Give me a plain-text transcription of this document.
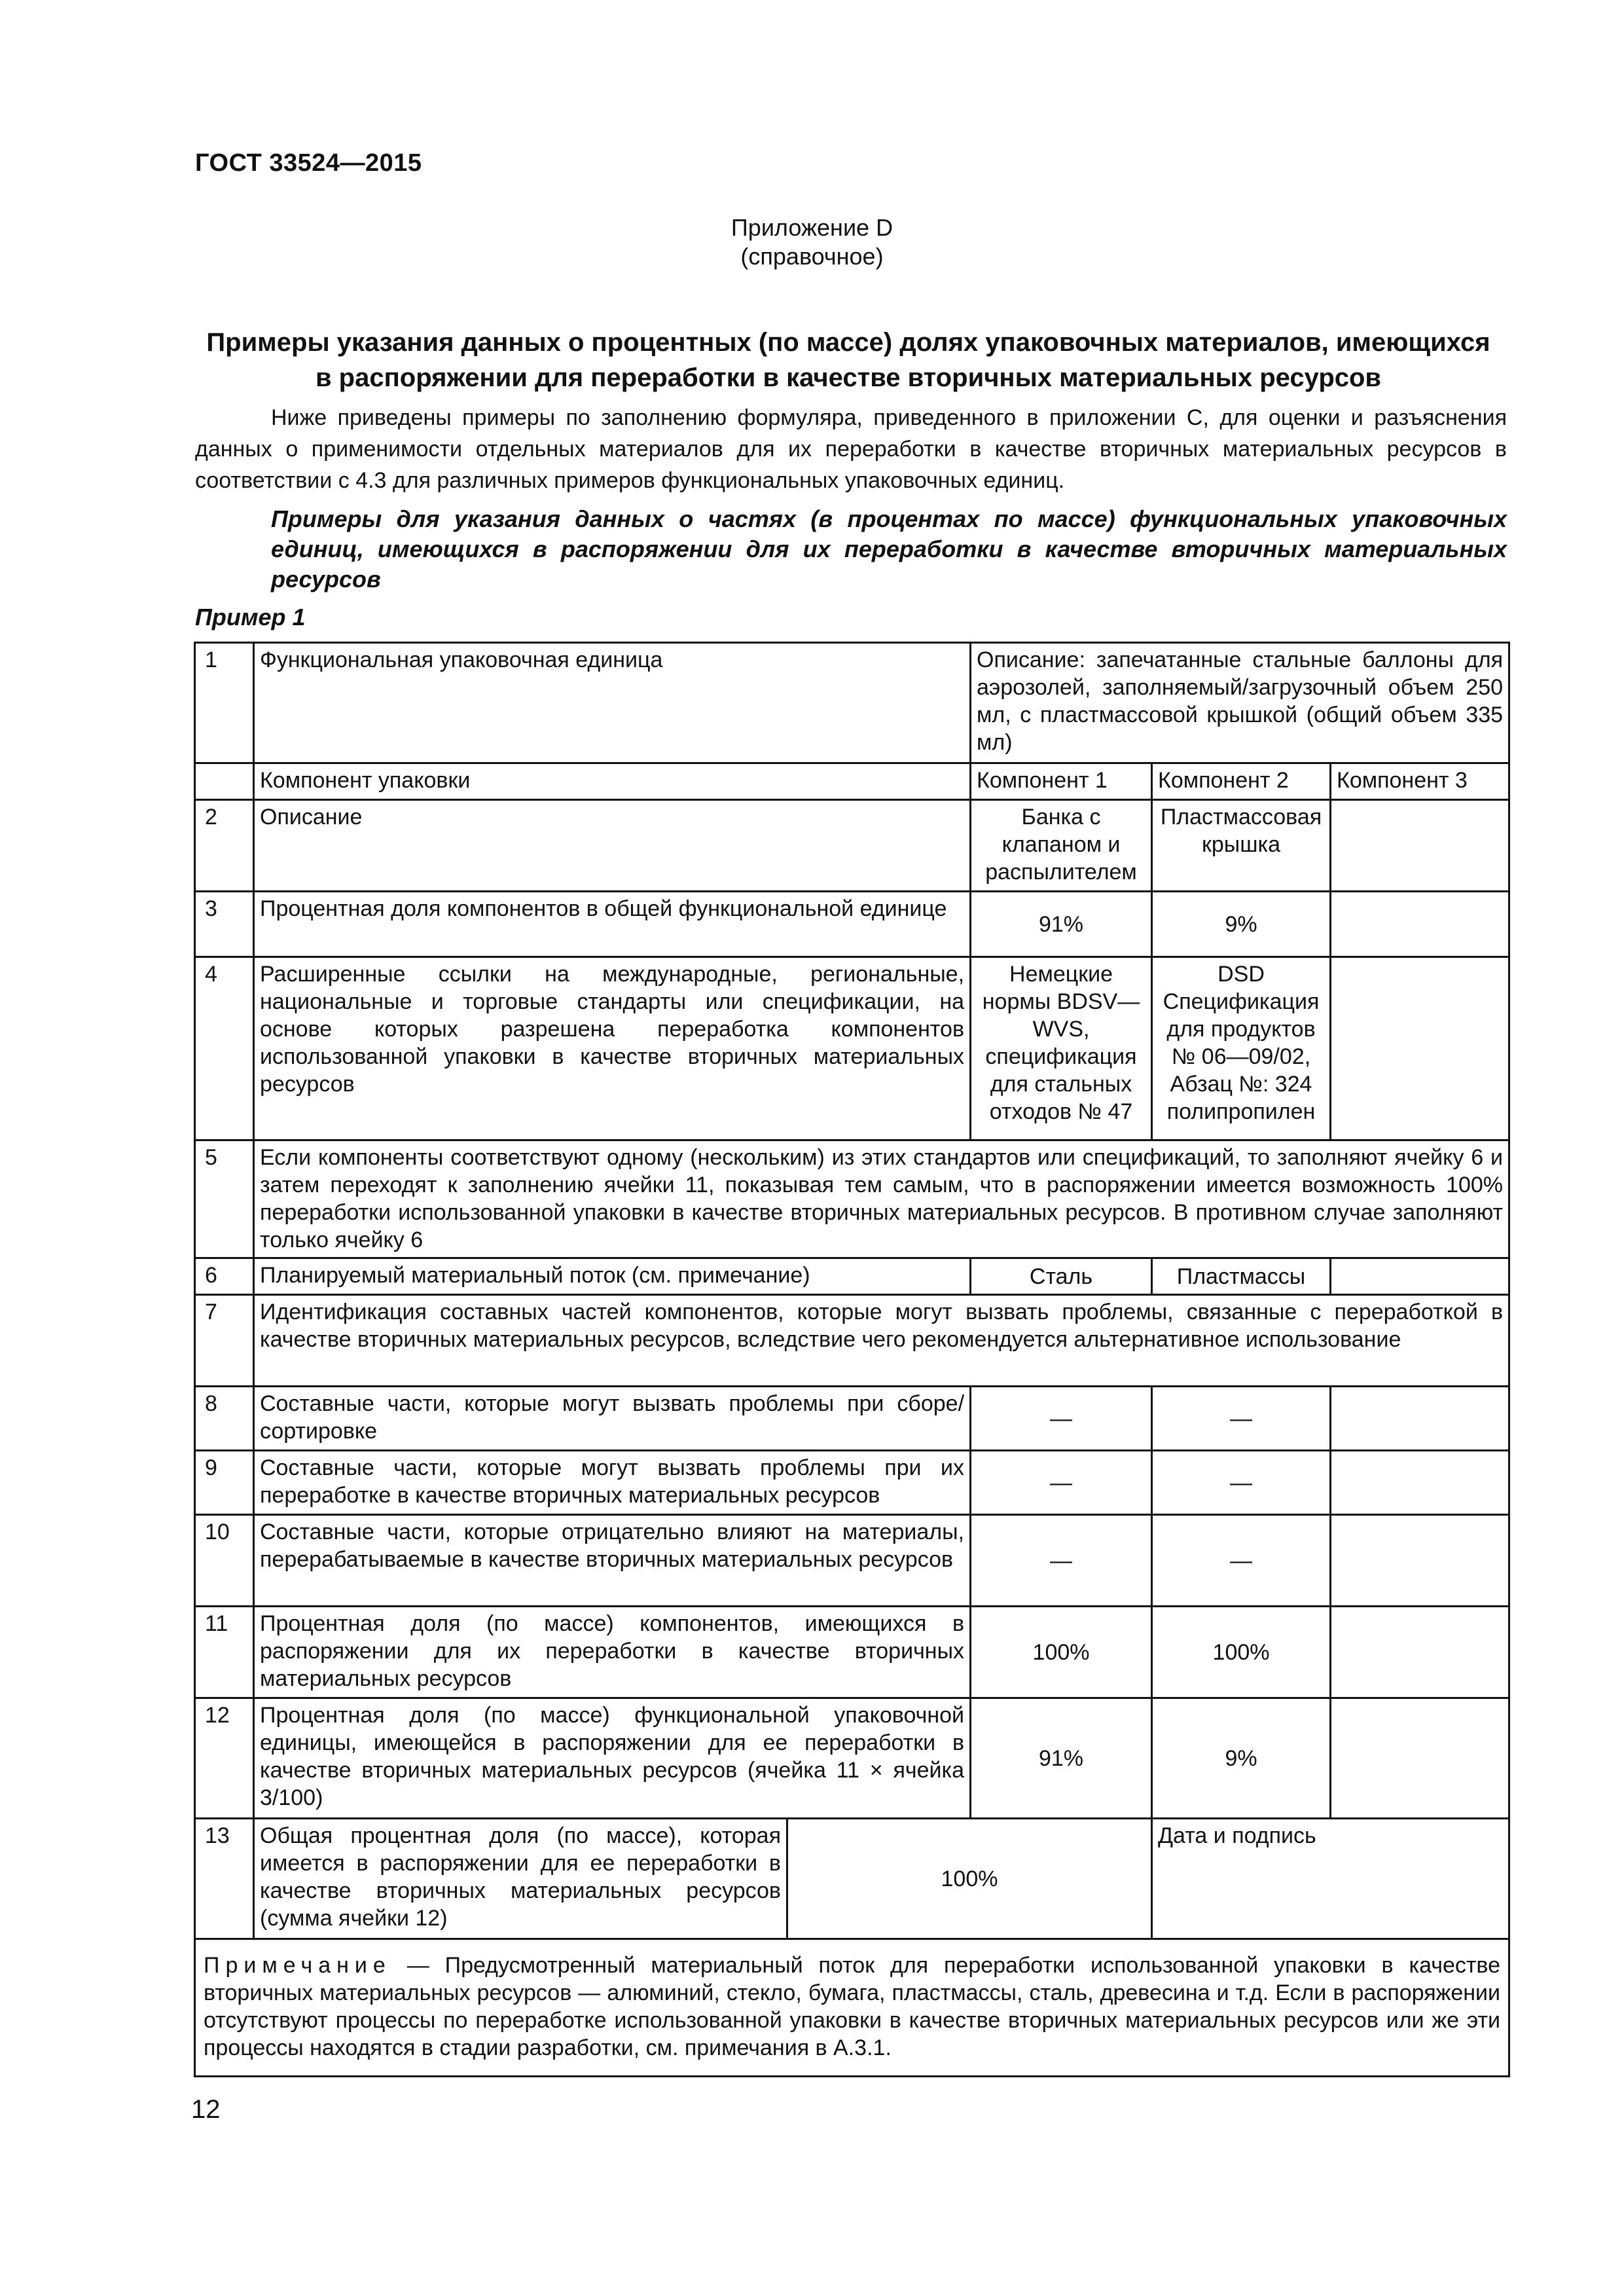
ГОСТ 33524—2015
Приложение D
(справочное)
Примеры указания данных о процентных (по массе) долях упаковочных материалов, имеющихся в распоряжении для переработки в качестве вторичных материальных ресурсов
Ниже приведены примеры по заполнению формуляра, приведенного в приложении С, для оценки и разъяснения данных о применимости отдельных материалов для их переработки в качестве вторичных материальных ресурсов в соответствии с 4.3 для различных примеров функциональных упаковочных единиц.
Примеры для указания данных о частях (в процентах по массе) функциональных упаковочных единиц, имеющихся в распоряжении для их переработки в качестве вторичных материальных ресурсов
Пример 1
1	Функциональная упаковочная единица		Описание: запечатанные стальные баллоны для аэрозолей, заполняемый/загрузочный объем 250 мл, с пластмассовой крышкой (общий объем 335 мл)		
	Компонент упаковки		Компонент 1	Компонент 2	Компонент 3
2	Описание		Банка с клапаном и распылителем	Пластмассовая крышка	
3	Процентная доля компонентов в общей функциональной единице		91%	9%	
4	Расширенные ссылки на международные, региональные, национальные и торговые стандарты или спецификации, на основе которых разрешена переработка компонентов использованной упаковки в качестве вторичных материальных ресурсов		Немецкие нормы BDSV—WVS, спецификация для стальных отходов № 47	DSD Спецификация для продуктов № 06—09/02, Абзац №: 324 полипропилен	
5	Если компоненты соответствуют одному (нескольким) из этих стандартов или спецификаций, то заполняют ячейку 6 и затем переходят к заполнению ячейки 11, показывая тем самым, что в распоряжении имеется возможность 100% переработки использованной упаковки в качестве вторичных материальных ресурсов. В противном случае заполняют только ячейку 6				
6	Планируемый материальный поток (см. примечание)		Сталь	Пластмассы	
7	Идентификация составных частей компонентов, которые могут вызвать проблемы, связанные с переработкой в качестве вторичных материальных ресурсов, вследствие чего рекомендуется альтернативное использование				
8	Составные части, которые могут вызвать проблемы при сборе/сортировке		—	—	
9	Составные части, которые могут вызвать проблемы при их переработке в качестве вторичных материальных ресурсов		—	—	
10	Составные части, которые отрицательно влияют на материалы, перерабатываемые в качестве вторичных материальных ресурсов		—	—	
11	Процентная доля (по массе) компонентов, имеющихся в распоряжении для их переработки в качестве вторичных материальных ресурсов		100%	100%	
12	Процентная доля (по массе) функциональной упаковочной единицы, имеющейся в распоряжении для ее переработки в качестве вторичных материальных ресурсов (ячейка 11 × ячейка 3/100)		91%	9%	
13	Общая процентная доля (по массе), которая имеется в распоряжении для ее переработки в качестве вторичных материальных ресурсов (сумма ячейки 12)	100%		Дата и подпись	
Примечание — Предусмотренный материальный поток для переработки использованной упаковки в качестве вторичных материальных ресурсов — алюминий, стекло, бумага, пластмассы, сталь, древесина и т.д. Если в распоряжении отсутствуют процессы по переработке использованной упаковки в качестве вторичных материальных ресурсов или же эти процессы находятся в стадии разработки, см. примечания в А.3.1.					
12
